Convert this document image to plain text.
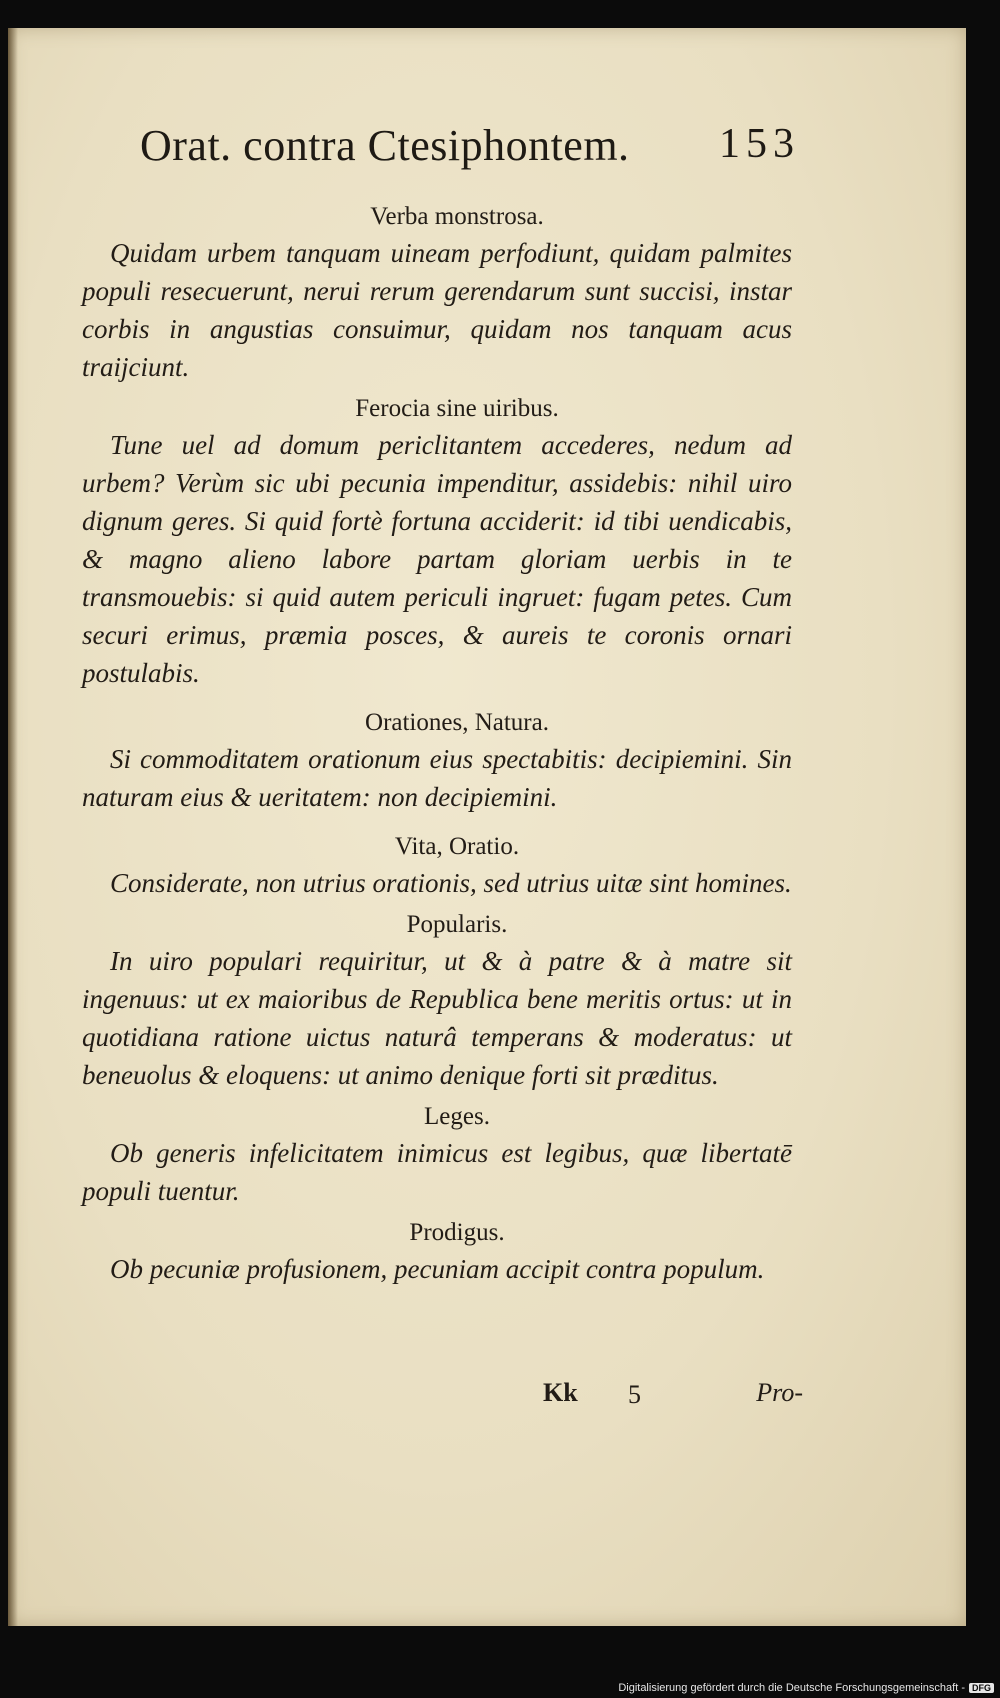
Orat. contra Ctesiphontem. 153
Verba monstrosa.

Quidam urbem tanquam uineam perfodiunt, quidam palmites populi resecuerunt, nerui rerum gerendarum sunt succisi, instar corbis in angustias consuimur, quidam nos tanquam acus traijciunt.

Ferocia sine uiribus.

Tune uel ad domum periclitantem accederes, nedum ad urbem? Verùm sic ubi pecunia impenditur, assidebis: nihil uiro dignum geres. Si quid fortè fortuna acciderit: id tibi uendicabis, & magno alieno labore partam gloriam uerbis in te transmouebis: si quid autem periculi ingruet: fugam petes. Cum securi erimus, præmia posces, & aureis te coronis ornari postulabis.

Orationes, Natura.

Si commoditatem orationum eius spectabitis: decipiemini. Sin naturam eius & ueritatem: non decipiemini.

Vita, Oratio.

Considerate, non utrius orationis, sed utrius uitæ sint homines.

Popularis.

In uiro populari requiritur, ut & à patre & à matre sit ingenuus: ut ex maioribus de Republica bene meritis ortus: ut in quotidiana ratione uictus naturâ temperans & moderatus: ut beneuolus & eloquens: ut animo denique forti sit præditus.

Leges.

Ob generis infelicitatem inimicus est legibus, quæ libertatē populi tuentur.

Prodigus.

Ob pecuniæ profusionem, pecuniam accipit contra populum.

Kk 5	Pro-
Digitalisierung gefördert durch die Deutsche Forschungsgemeinschaft - DFG
